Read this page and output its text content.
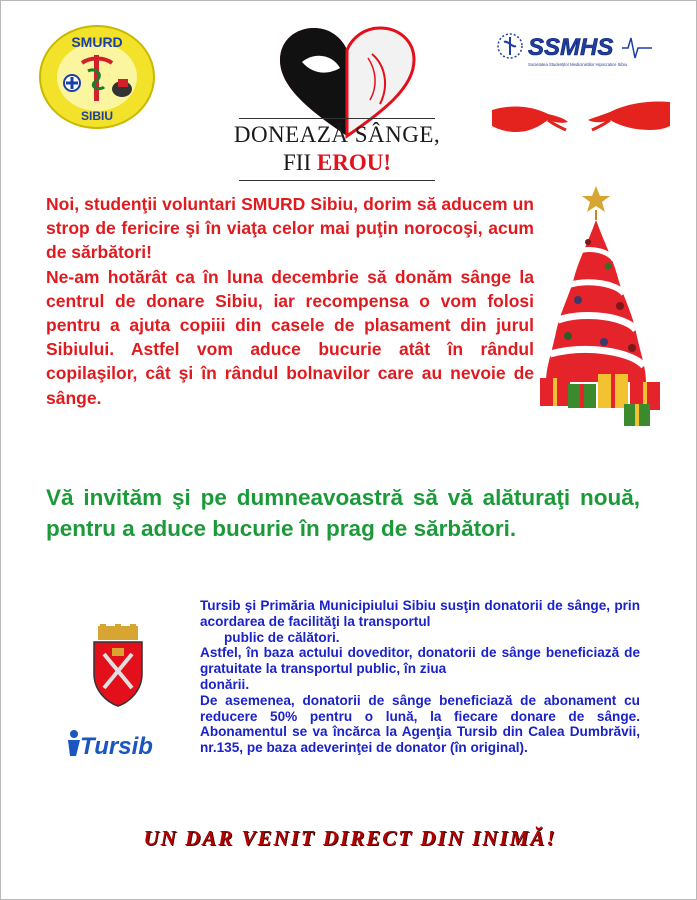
SMURD
SIBIU
DONEAZĂ SÂNGE,
FII EROU!
SSMHS
Societatea Studenților Medicinistilor Hipocratice Sibiu

Noi, studenţii voluntari SMURD Sibiu, dorim să aducem un strop de fericire şi în viaţa celor mai puţin norocoşi, acum de sărbători!

Ne-am hotărât ca în luna decembrie să donăm sânge la centrul de donare Sibiu, iar recompensa o vom folosi pentru a ajuta copiii din casele de plasament din jurul Sibiului. Astfel vom aduce bucurie atât în rândul copilaşilor, cât şi în rândul bolnavilor care au nevoie de sânge.

Vă invităm şi pe dumneavoastră să vă alăturaţi nouă, pentru a aduce bucurie în prag de sărbători.

Tursib

Tursib şi Primăria Municipiului Sibiu susţin donatorii de sânge, prin acordarea de facilităţi la transportul

public de călători.

Astfel, în baza actului doveditor, donatorii de sânge beneficiază de gratuitate la transportul public, în ziua

donării.

De asemenea, donatorii de sânge beneficiază de abonament cu reducere 50% pentru o lună, la fiecare donare de sânge. Abonamentul se va încărca la Agenţia Tursib din Calea Dumbrăvii, nr.135, pe baza adeverinţei de donator (în original).

UN DAR VENIT DIRECT DIN INIMĂ!
